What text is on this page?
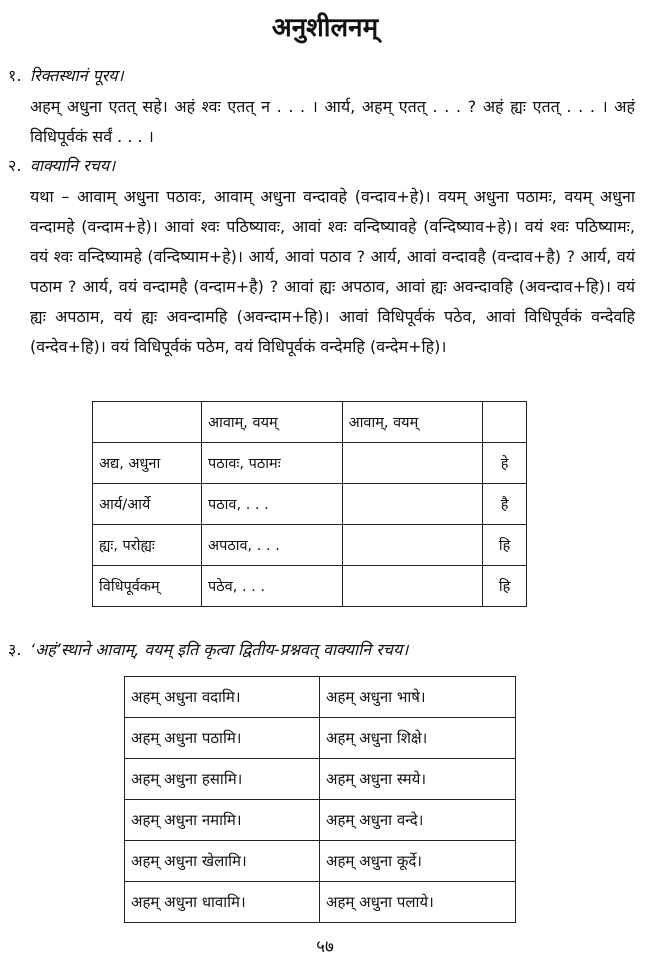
अनुशीलनम्
१. रिक्तस्थानं पूरय।
अहम् अधुना एतत् सहे। अहं श्वः एतत् न . . . । आर्य, अहम् एतत् . . . ? अहं ह्यः एतत् . . . । अहं विधिपूर्वकं सर्वं . . . ।
२. वाक्यानि रचय।
यथा – आवाम् अधुना पठावः, आवाम् अधुना वन्दावहे (वन्दाव+हे)। वयम् अधुना पठामः, वयम् अधुना वन्दामहे (वन्दाम+हे)। आवां श्वः पठिष्यावः, आवां श्वः वन्दिष्यावहे (वन्दिष्याव+हे)। वयं श्वः पठिष्यामः, वयं श्वः वन्दिष्यामहे (वन्दिष्याम+हे)। आर्य, आवां पठाव ? आर्य, आवां वन्दावहै (वन्दाव+है) ? आर्य, वयं पठाम ? आर्य, वयं वन्दामहै (वन्दाम+है) ? आवां ह्यः अपठाव, आवां ह्यः अवन्दावहि (अवन्दाव+हि)। वयं ह्यः अपठाम, वयं ह्यः अवन्दामहि (अवन्दाम+हि)। आवां विधिपूर्वकं पठेव, आवां विधिपूर्वकं वन्देवहि (वन्देव+हि)। वयं विधिपूर्वकं पठेम, वयं विधिपूर्वकं वन्देमहि (वन्देम+हि)।
	आवाम्, वयम्	आवाम्, वयम्	
अद्य, अधुना	पठावः, पठामः		हे
आर्य/आर्ये	पठाव, . . .		है
ह्यः, परोह्यः	अपठाव, . . .		हि
विधिपूर्वकम्	पठेव, . . .		हि
३. ‘अहं’स्थाने आवाम्, वयम् इति कृत्वा द्वितीय-प्रश्नवत् वाक्यानि रचय।
अहम् अधुना वदामि।	अहम् अधुना भाषे।
अहम् अधुना पठामि।	अहम् अधुना शिक्षे।
अहम् अधुना हसामि।	अहम् अधुना स्मये।
अहम् अधुना नमामि।	अहम् अधुना वन्दे।
अहम् अधुना खेलामि।	अहम् अधुना कूर्दे।
अहम् अधुना धावामि।	अहम् अधुना पलाये।
५७
